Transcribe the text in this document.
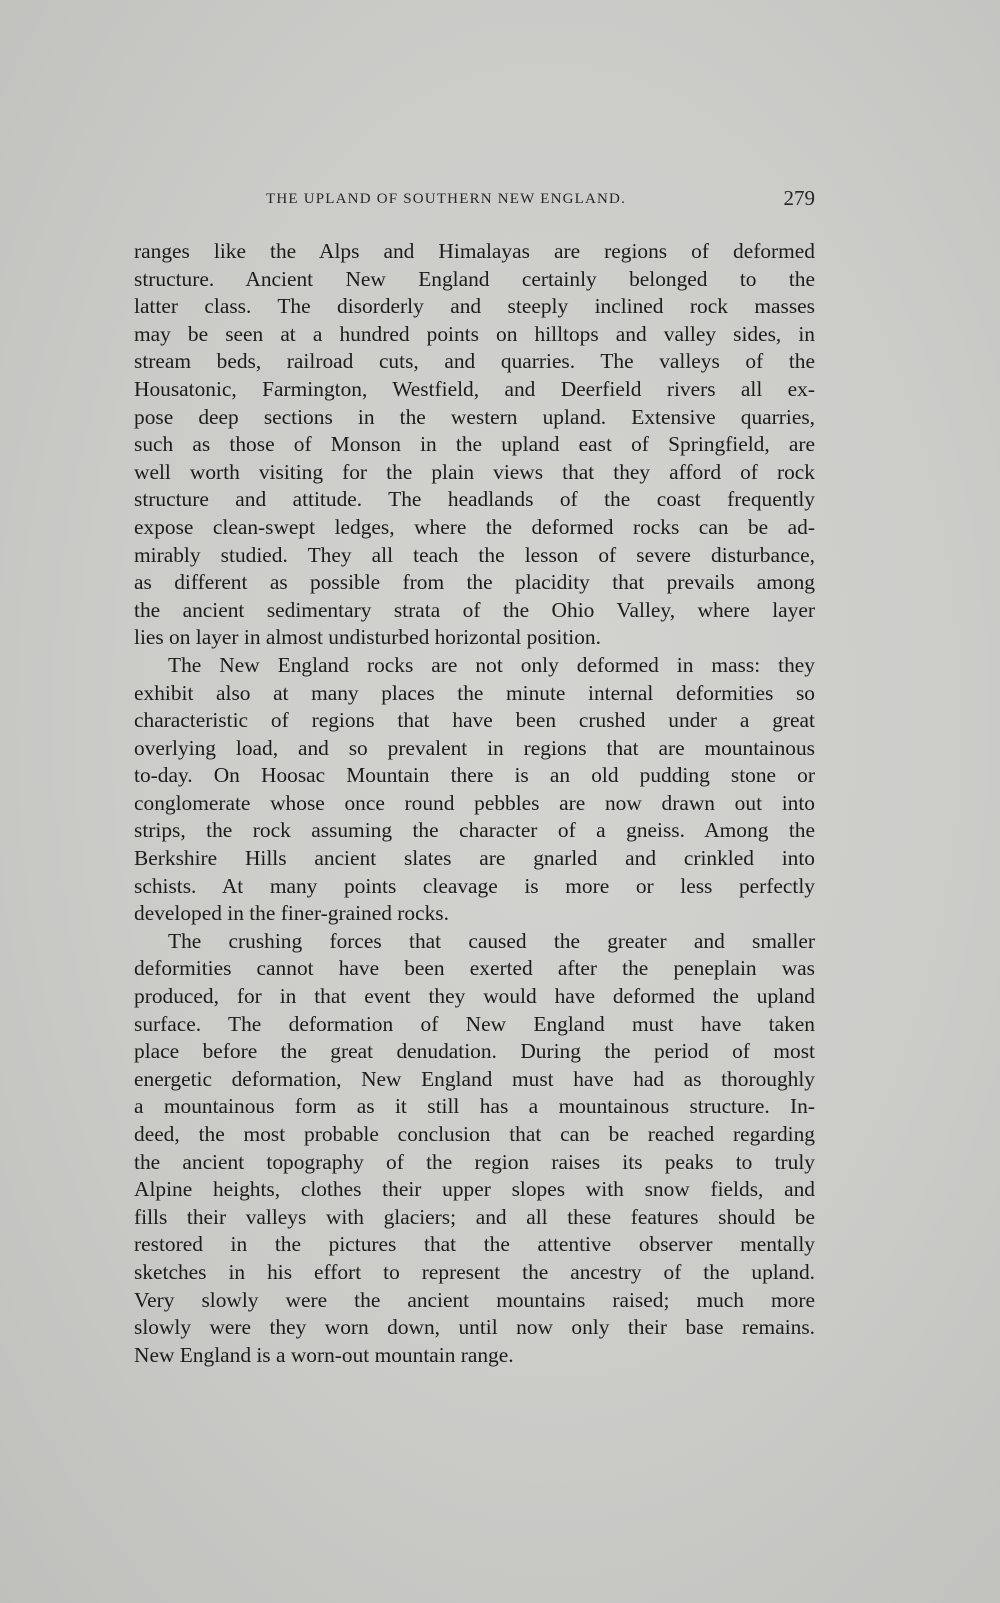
THE UPLAND OF SOUTHERN NEW ENGLAND.	279

ranges like the Alps and Himalayas are regions of deformed
structure. Ancient New England certainly belonged to the
latter class. The disorderly and steeply inclined rock masses
may be seen at a hundred points on hilltops and valley sides, in
stream beds, railroad cuts, and quarries. The valleys of the
Housatonic, Farmington, Westfield, and Deerfield rivers all ex-
pose deep sections in the western upland. Extensive quarries,
such as those of Monson in the upland east of Springfield, are
well worth visiting for the plain views that they afford of rock
structure and attitude. The headlands of the coast frequently
expose clean-swept ledges, where the deformed rocks can be ad-
mirably studied. They all teach the lesson of severe disturbance,
as different as possible from the placidity that prevails among
the ancient sedimentary strata of the Ohio Valley, where layer
lies on layer in almost undisturbed horizontal position.

The New England rocks are not only deformed in mass: they
exhibit also at many places the minute internal deformities so
characteristic of regions that have been crushed under a great
overlying load, and so prevalent in regions that are mountainous
to-day. On Hoosac Mountain there is an old pudding stone or
conglomerate whose once round pebbles are now drawn out into
strips, the rock assuming the character of a gneiss. Among the
Berkshire Hills ancient slates are gnarled and crinkled into
schists. At many points cleavage is more or less perfectly
developed in the finer-grained rocks.

The crushing forces that caused the greater and smaller
deformities cannot have been exerted after the peneplain was
produced, for in that event they would have deformed the upland
surface. The deformation of New England must have taken
place before the great denudation. During the period of most
energetic deformation, New England must have had as thoroughly
a mountainous form as it still has a mountainous structure. In-
deed, the most probable conclusion that can be reached regarding
the ancient topography of the region raises its peaks to truly
Alpine heights, clothes their upper slopes with snow fields, and
fills their valleys with glaciers; and all these features should be
restored in the pictures that the attentive observer mentally
sketches in his effort to represent the ancestry of the upland.
Very slowly were the ancient mountains raised; much more
slowly were they worn down, until now only their base remains.
New England is a worn-out mountain range.
